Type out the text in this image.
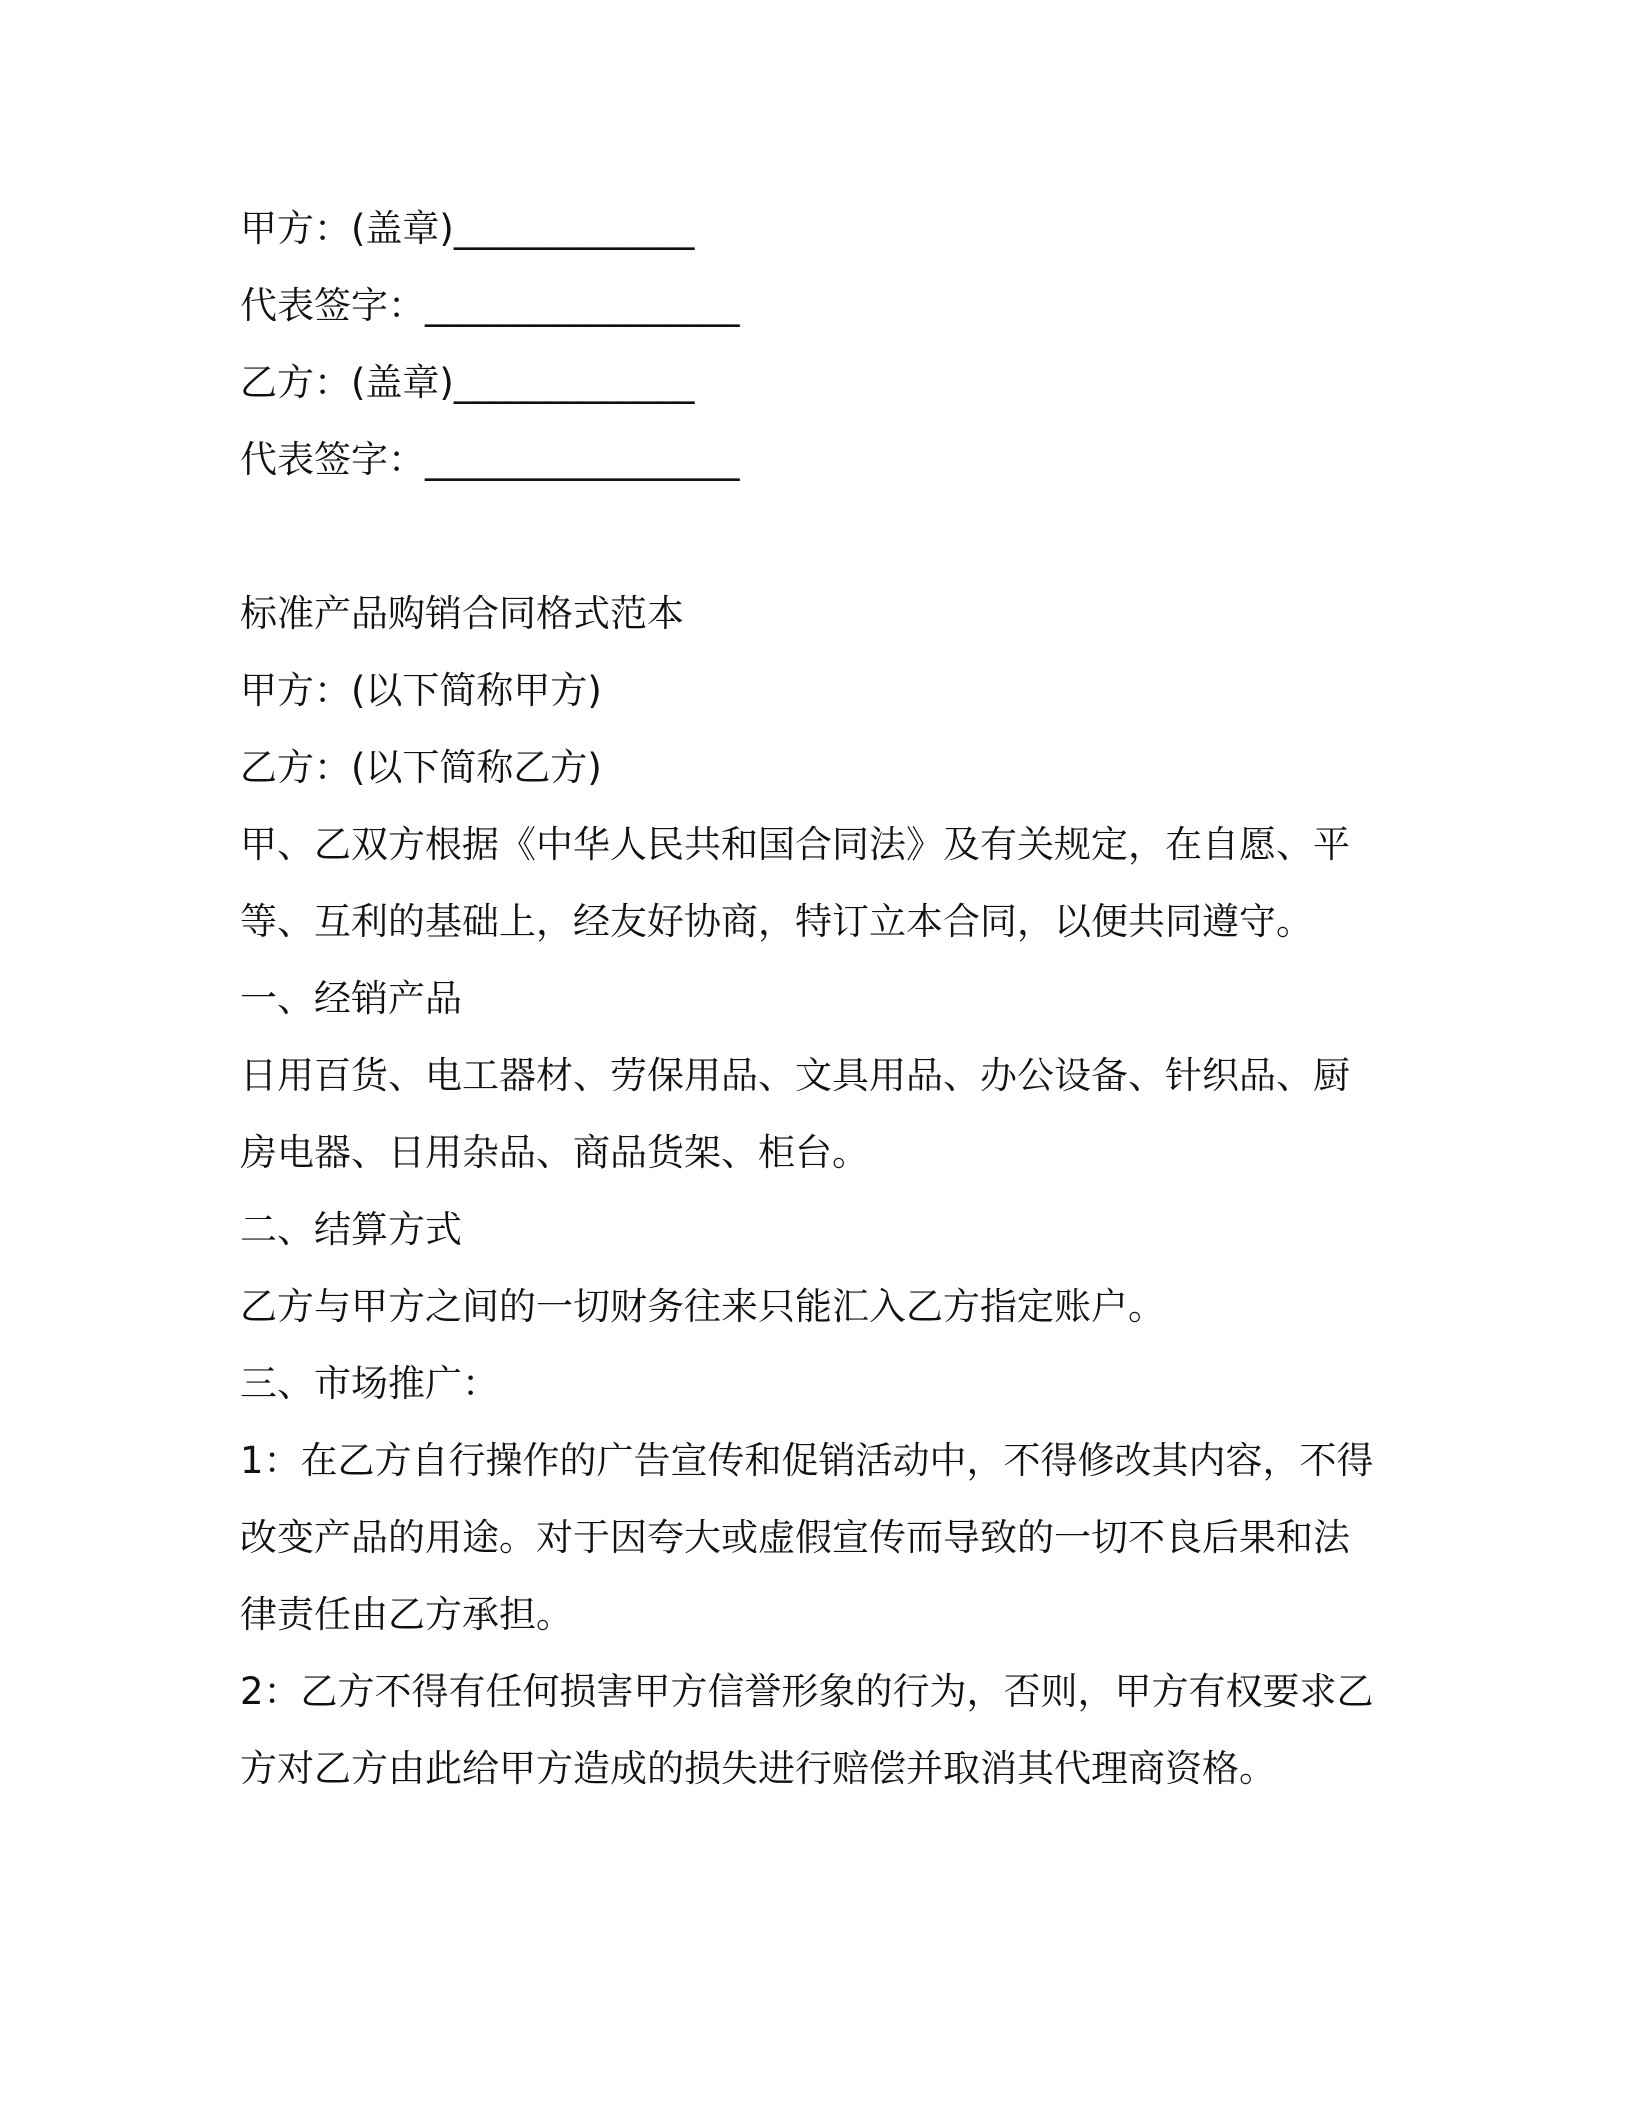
甲方：(盖章)_____________
代表签字：_________________
乙方：(盖章)_____________
代表签字：_________________
标准产品购销合同格式范本
甲方：(以下简称甲方)
乙方：(以下简称乙方)
甲、乙双方根据《中华人民共和国合同法》及有关规定，在自愿、平
等、互利的基础上，经友好协商，特订立本合同，以便共同遵守。
一、经销产品
日用百货、电工器材、劳保用品、文具用品、办公设备、针织品、厨
房电器、日用杂品、商品货架、柜台。
二、结算方式
乙方与甲方之间的一切财务往来只能汇入乙方指定账户。
三、市场推广：
1：在乙方自行操作的广告宣传和促销活动中，不得修改其内容，不得
改变产品的用途。对于因夸大或虚假宣传而导致的一切不良后果和法
律责任由乙方承担。
2：乙方不得有任何损害甲方信誉形象的行为，否则，甲方有权要求乙
方对乙方由此给甲方造成的损失进行赔偿并取消其代理商资格。
